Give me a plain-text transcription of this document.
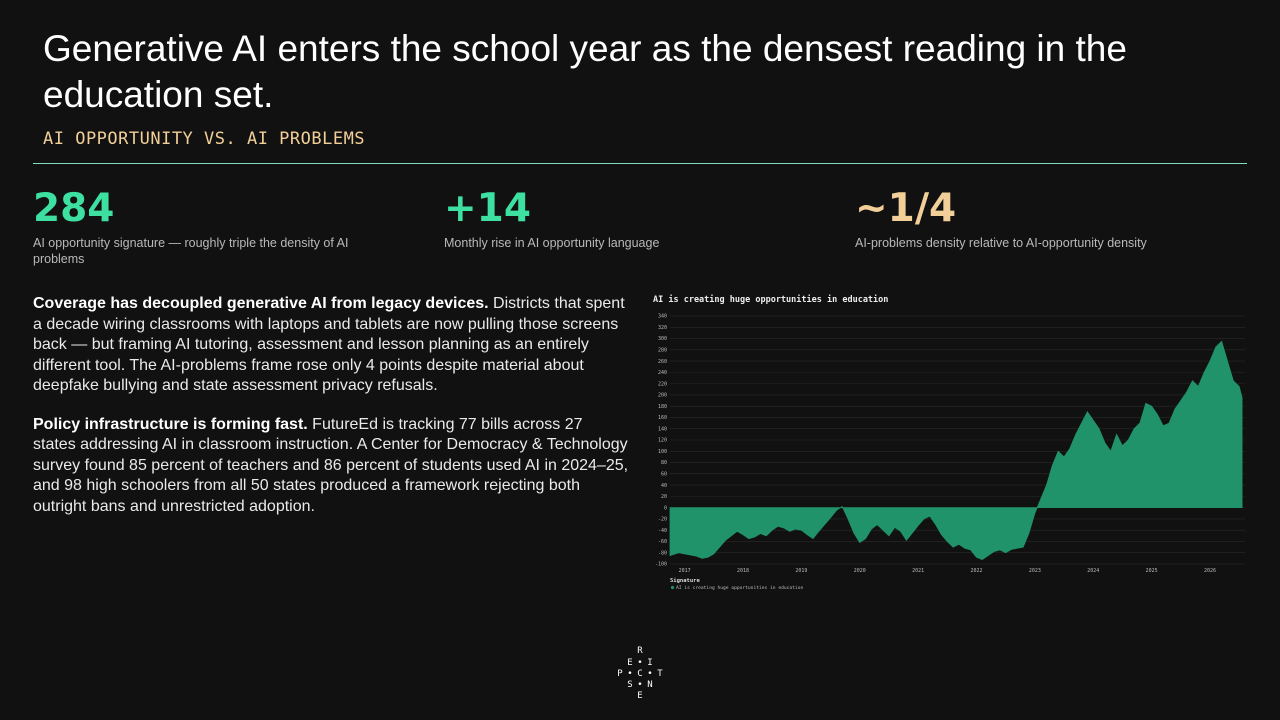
Generative AI enters the school year as the densest reading in the education set.
AI OPPORTUNITY VS. AI PROBLEMS
284
AI opportunity signature — roughly triple the density of AI problems
+14
Monthly rise in AI opportunity language
~1/4
AI-problems density relative to AI-opportunity density

Coverage has decoupled generative AI from legacy devices. Districts that spent a decade wiring classrooms with laptops and tablets are now pulling those screens back — but framing AI tutoring, assessment and lesson planning as an entirely different tool. The AI-problems frame rose only 4 points despite material about deepfake bullying and state assessment privacy refusals.

Policy infrastructure is forming fast. FutureEd is tracking 77 bills across 27 states addressing AI in classroom instruction. A Center for Democracy & Technology survey found 85 percent of teachers and 86 percent of students used AI in 2024–25, and 98 high schoolers from all 50 states produced a framework rejecting both outright bans and unrestricted adoption.

AI is creating huge opportunities in education
-100
-80
-60
-40
-20
0
20
40
60
80
100
120
140
160
180
200
220
240
260
280
300
320
340
2017	2018	2019	2020	2021	2022	2023	2024	2025	2026
Signature
AI is creating huge opportunities in education
R
E • I
P • C • T
S • N
E
